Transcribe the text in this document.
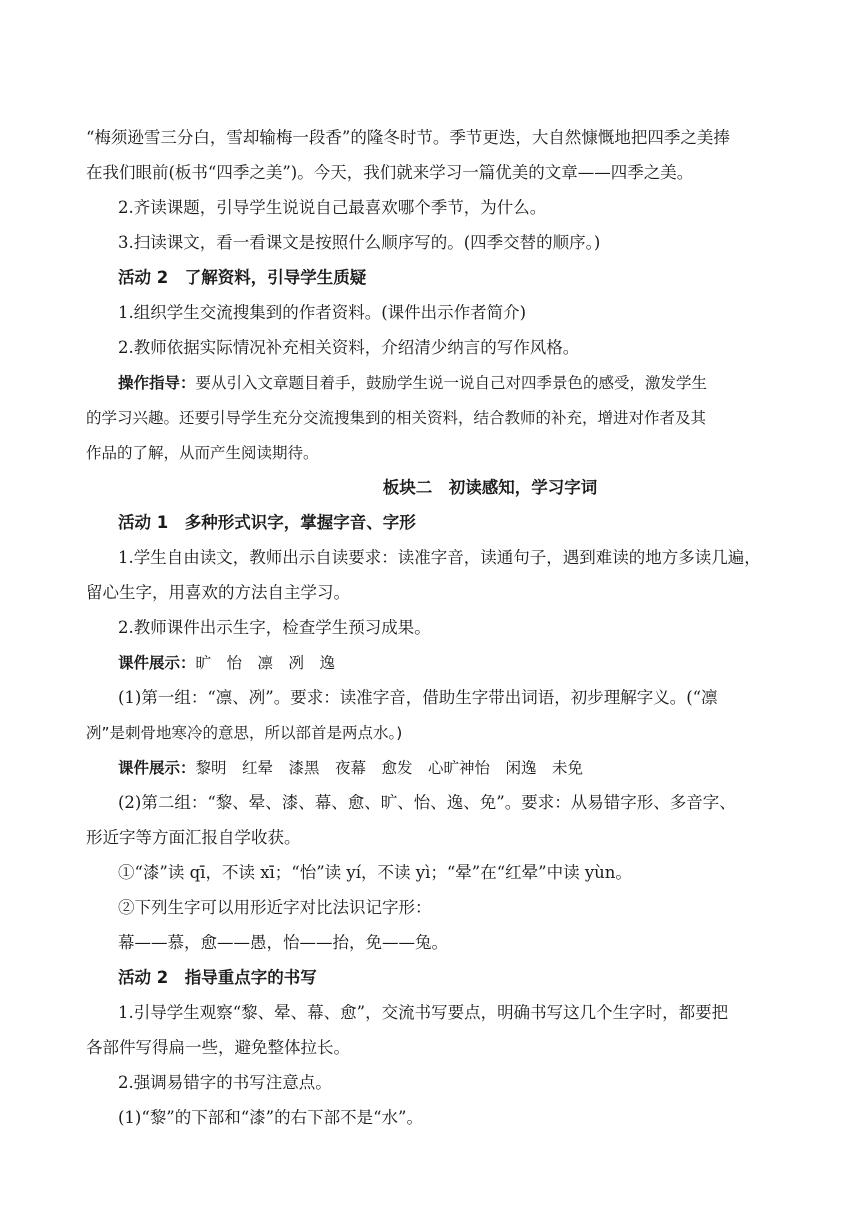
“梅须逊雪三分白，雪却输梅一段香”的隆冬时节。季节更迭，大自然慷慨地把四季之美捧
在我们眼前(板书“四季之美”)。今天，我们就来学习一篇优美的文章——四季之美。
2.齐读课题，引导学生说说自己最喜欢哪个季节，为什么。
3.扫读课文，看一看课文是按照什么顺序写的。(四季交替的顺序。)
活动 2　了解资料，引导学生质疑
1.组织学生交流搜集到的作者资料。(课件出示作者简介)
2.教师依据实际情况补充相关资料，介绍清少纳言的写作风格。
操作指导：要从引入文章题目着手，鼓励学生说一说自己对四季景色的感受，激发学生
的学习兴趣。还要引导学生充分交流搜集到的相关资料，结合教师的补充，增进对作者及其
作品的了解，从而产生阅读期待。
板块二　初读感知，学习字词
活动 1　多种形式识字，掌握字音、字形
1.学生自由读文，教师出示自读要求：读准字音，读通句子，遇到难读的地方多读几遍，
留心生字，用喜欢的方法自主学习。
2.教师课件出示生字，检查学生预习成果。
课件展示：旷　怡　凛　冽　逸
(1)第一组：“凛、冽”。要求：读准字音，借助生字带出词语，初步理解字义。(“凛
冽”是刺骨地寒冷的意思，所以部首是两点水。)
课件展示：黎明　红晕　漆黑　夜幕　愈发　心旷神怡　闲逸　未免
(2)第二组：“黎、晕、漆、幕、愈、旷、怡、逸、免”。要求：从易错字形、多音字、
形近字等方面汇报自学收获。
①“漆”读 qī，不读 xī；“怡”读 yí，不读 yì；“晕”在“红晕”中读 yùn。
②下列生字可以用形近字对比法识记字形：
幕——慕，愈——愚，怡——抬，免——兔。
活动 2　指导重点字的书写
1.引导学生观察“黎、晕、幕、愈”，交流书写要点，明确书写这几个生字时，都要把
各部件写得扁一些，避免整体拉长。
2.强调易错字的书写注意点。
(1)“黎”的下部和“漆”的右下部不是“水”。
